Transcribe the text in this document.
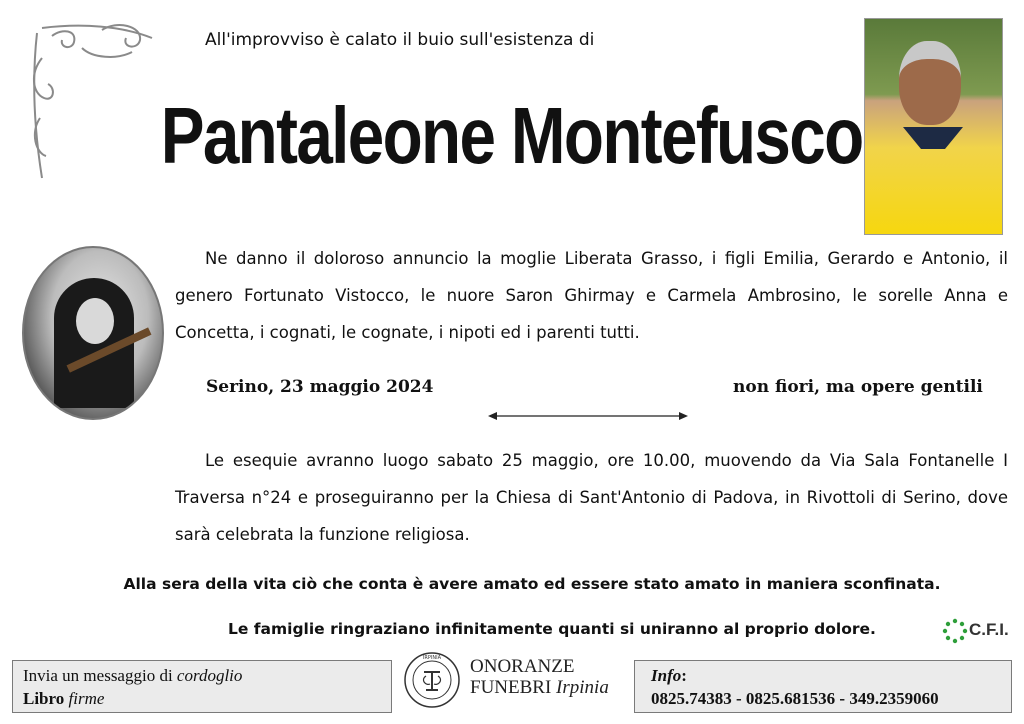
All'improvviso è calato il buio sull'esistenza di
Pantaleone Montefusco
Ne danno il doloroso annuncio la moglie Liberata Grasso, i figli Emilia, Gerardo e Antonio, il genero Fortunato Vistocco, le nuore Saron Ghirmay e Carmela Ambrosino, le sorelle Anna e Concetta, i cognati, le cognate, i nipoti ed i parenti tutti.
Serino, 23 maggio 2024	non fiori, ma opere gentili
Le esequie avranno luogo sabato 25 maggio, ore 10.00, muovendo da Via Sala Fontanelle I Traversa n°24 e proseguiranno per la Chiesa di Sant'Antonio di Padova, in Rivottoli di Serino, dove sarà celebrata la funzione religiosa.
Alla sera della vita ciò che conta è avere amato ed essere stato amato in maniera sconfinata.
Le famiglie ringraziano infinitamente quanti si uniranno al proprio dolore.	C.F.I.
Invia un messaggio di cordoglio
Libro firme
IRPINIA ONORANZE
FUNEBRI Irpinia
Info:
0825.74383 - 0825.681536 - 349.2359060
